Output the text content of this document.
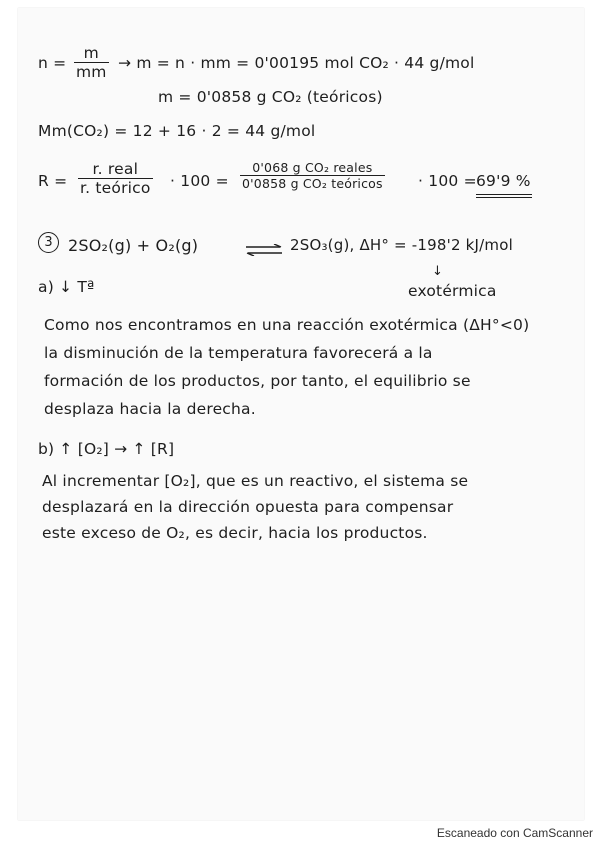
$n = \frac{m}{mm} \to m = n$ · mm = 0'00195 mol CO₂ · 44 g/mol
m = 0'0858 g CO₂ (teóricos)
Mm(CO₂) = 12 + 16 · 2 = 44 g/mol
R =
r. real
r. teórico · 100 =
0'068 g CO₂ reales
0'0858 g CO₂ teóricos · 100 = 69'9 %
3 2SO₂(g) + O₂(g)	⇌ 2SO₃(g), ΔH° = -198'2 kJ/mol
a) ↓ Tª
↓
exotérmica
Como nos encontramos en una reacción exotérmica (ΔH°<0)
la disminución de la temperatura favorecerá a la
formación de los productos, por tanto, el equilibrio se
desplaza hacia la derecha.
b) ↑ [O₂] → ↑ [R]
Al incrementar [O₂], que es un reactivo, el sistema se
desplazará en la dirección opuesta para compensar
este exceso de O₂, es decir, hacia los productos.
Escaneado con CamScanner
